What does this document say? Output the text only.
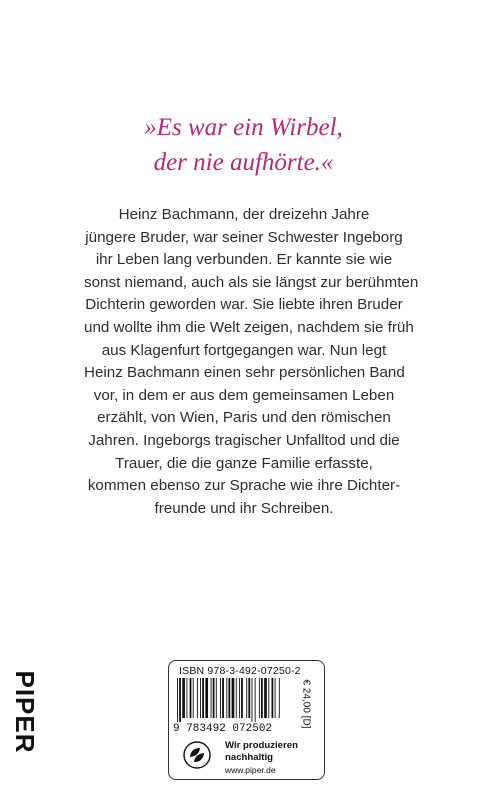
»Es war ein Wirbel,
der nie aufhörte.«
Heinz Bachmann, der dreizehn Jahre
jüngere Bruder, war seiner Schwester Ingeborg
ihr Leben lang verbunden. Er kannte sie wie
sonst niemand, auch als sie längst zur berühmten
Dichterin geworden war. Sie liebte ihren Bruder
und wollte ihm die Welt zeigen, nachdem sie früh
aus Klagenfurt fortgegangen war. Nun legt
Heinz Bachmann einen sehr persönlichen Band
vor, in dem er aus dem gemeinsamen Leben
erzählt, von Wien, Paris und den römischen
Jahren. Ingeborgs tragischer Unfalltod und die
Trauer, die die ganze Familie erfasste,
kommen ebenso zur Sprache wie ihre Dichter-
freunde und ihr Schreiben.
PIPER	ISBN 978-3-492-07250-2
9 783492 072502
€ 24,00 [D]
Wir produzieren
nachhaltig
www.piper.de
